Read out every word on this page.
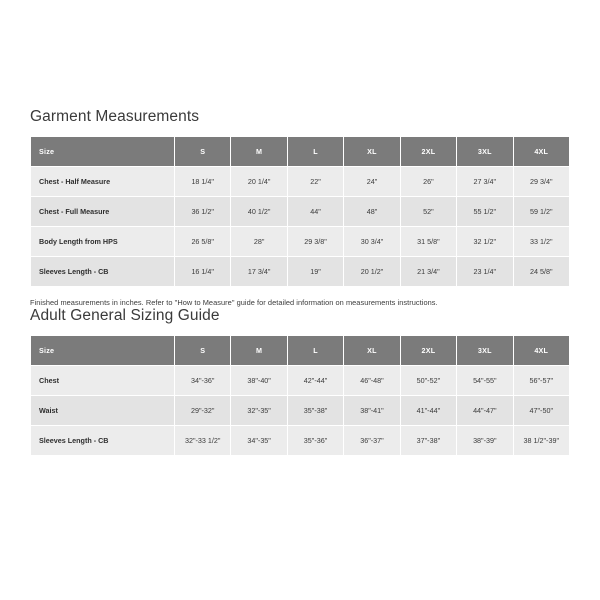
Garment Measurements
Size	S	M	L	XL	2XL	3XL	4XL
Chest - Half Measure	18 1/4"	20 1/4"	22"	24"	26"	27 3/4"	29 3/4"
Chest - Full Measure	36 1/2"	40 1/2"	44"	48"	52"	55 1/2"	59 1/2"
Body Length from HPS	26 5/8"	28"	29 3/8"	30 3/4"	31 5/8"	32 1/2"	33 1/2"
Sleeves Length - CB	16 1/4"	17 3/4"	19"	20 1/2"	21 3/4"	23 1/4"	24 5/8"

Finished measurements in inches. Refer to "How to Measure" guide for detailed information on measurements instructions.

Adult General Sizing Guide
Size	S	M	L	XL	2XL	3XL	4XL
Chest	34"-36"	38"-40"	42"-44"	46"-48"	50"-52"	54"-55"	56"-57"
Waist	29"-32"	32"-35"	35"-38"	38"-41"	41"-44"	44"-47"	47"-50"
Sleeves Length - CB	32"-33 1/2"	34"-35"	35"-36"	36"-37"	37"-38"	38"-39"	38 1/2"-39"
